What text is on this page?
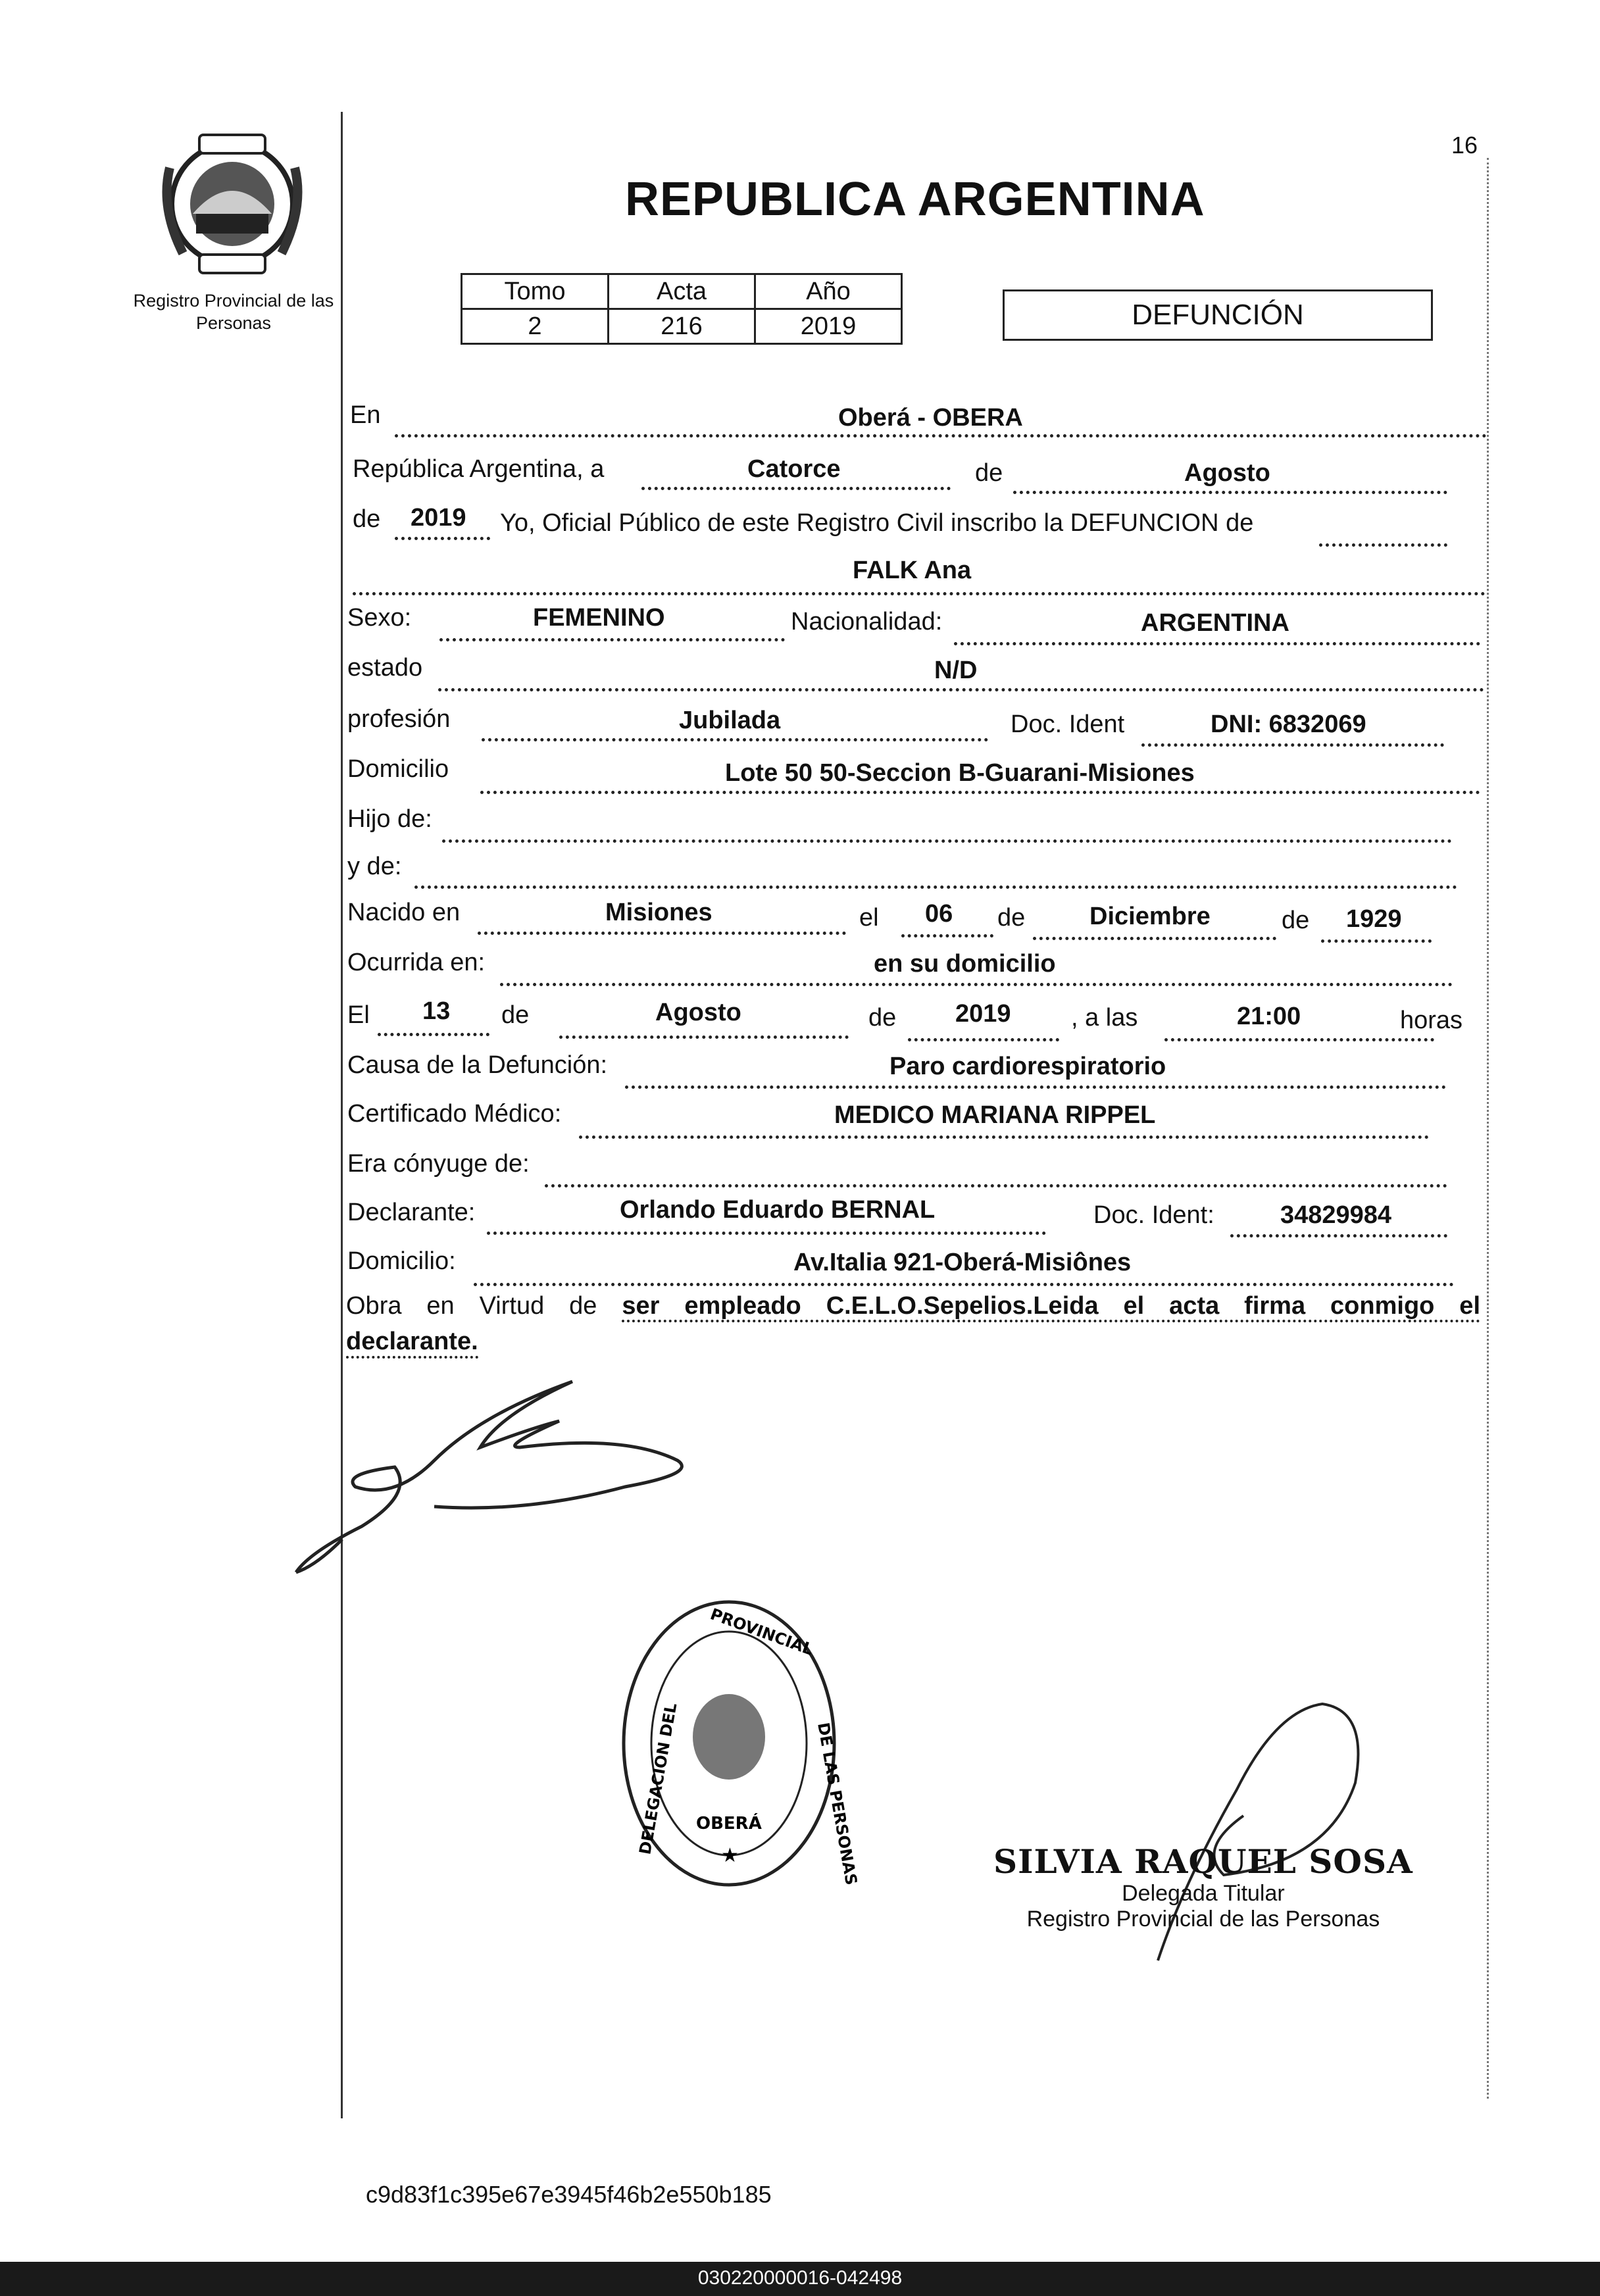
Registro Provincial de las Personas
16
REPUBLICA ARGENTINA
Tomo	Acta	Año
2	216	2019	DEFUNCIÓN
En	Oberá - OBERA
República Argentina, a	Catorce	de	Agosto
de 2019 Yo, Oficial Público de este Registro Civil inscribo la DEFUNCION de
FALK Ana
Sexo:	FEMENINO	Nacionalidad:	ARGENTINA
estado	N/D
profesión	Jubilada	Doc. Ident	DNI: 6832069
Domicilio	Lote 50 50-Seccion B-Guarani-Misiones
Hijo de:
y de:
Nacido en	Misiones	el 06 de	Diciembre	de 1929
Ocurrida en:	en su domicilio
El 13 de	Agosto	de 2019 , a las	21:00	horas
Causa de la Defunción:	Paro cardiorespiratorio
Certificado Médico:	MEDICO MARIANA RIPPEL
Era cónyuge de:
Declarante:	Orlando Eduardo BERNAL	Doc. Ident:	34829984
Domicilio:	Av.Italia 921-Oberá-Misiônes
Obra en Virtud de ser empleado C.E.L.O.Sepelios.Leida el acta firma conmigo el
declarante.
DELEGACION DEL
PROVINCIAL
DE LAS PERSONAS
OBERÁ
★	SILVIA RAQUEL SOSA
Delegada Titular
Registro Provincial de las Personas
c9d83f1c395e67e3945f46b2e550b185
030220000016-042498
